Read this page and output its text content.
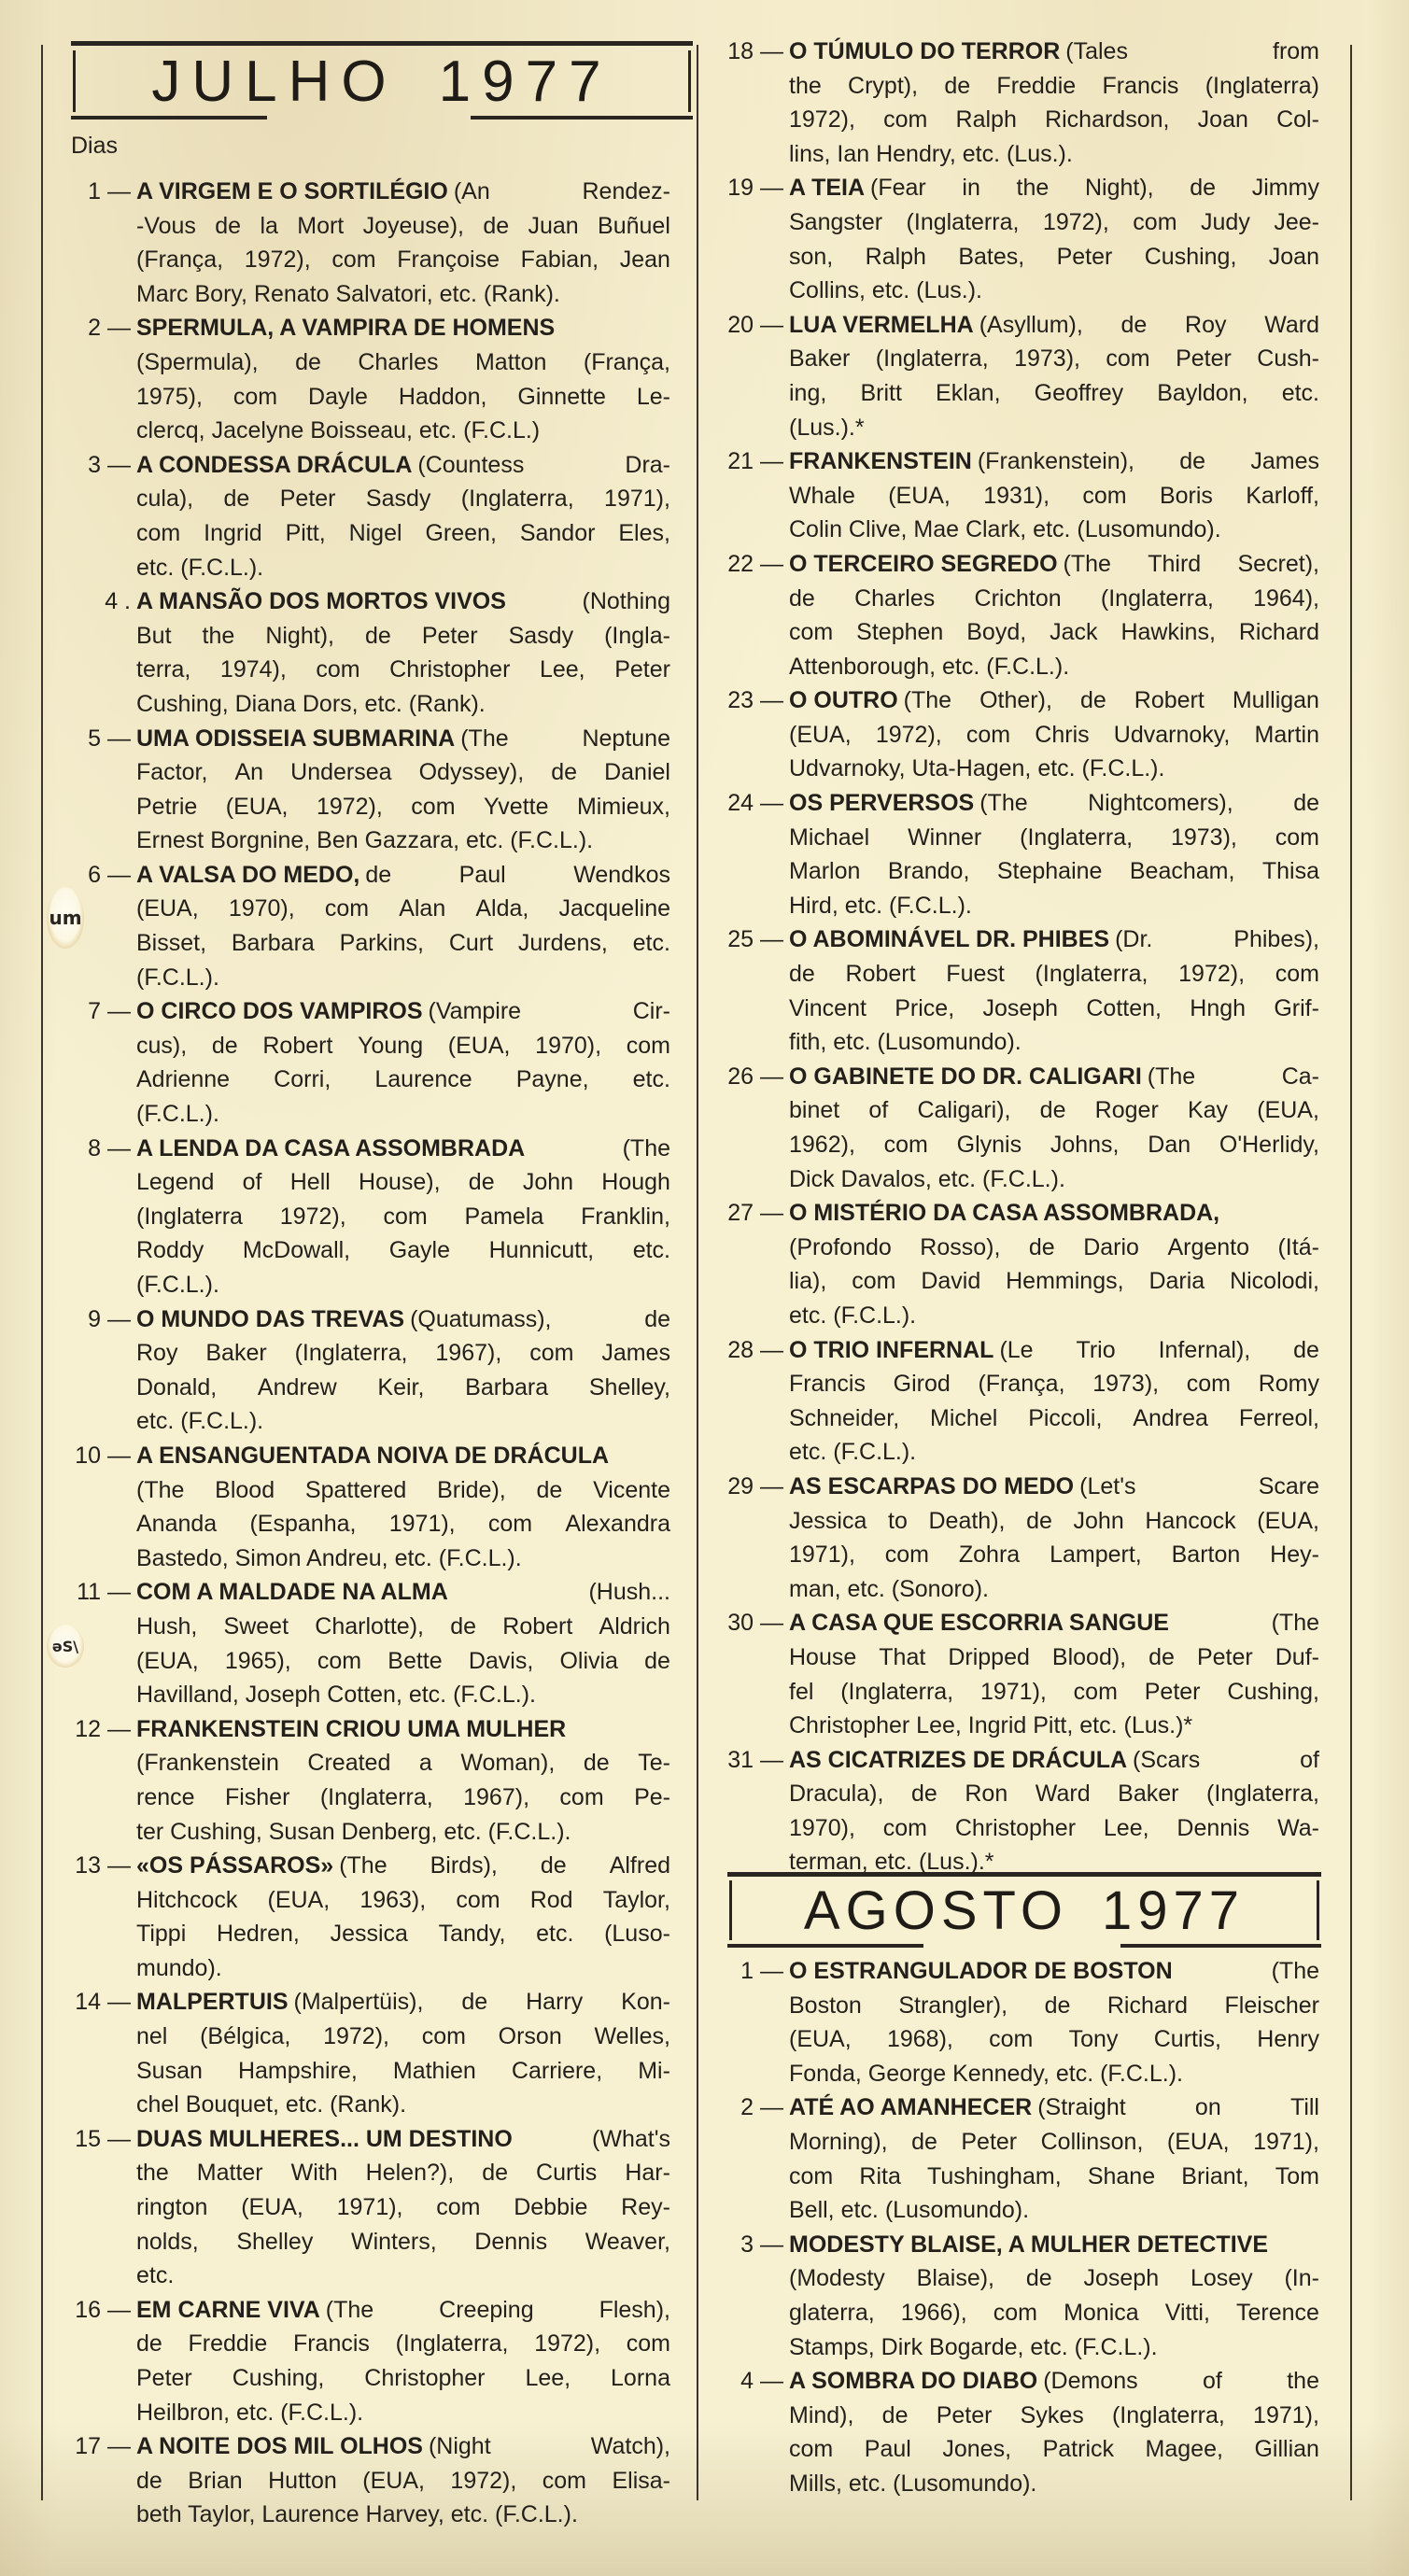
JULHO 1977
Dias
um
əS\
1 — A VIRGEM E O SORTILÉGIO (An	Rendez-
-Vous de la Mort Joyeuse), de Juan Buñuel
(França, 1972), com Françoise Fabian, Jean
Marc Bory, Renato Salvatori, etc. (Rank).
2 — SPERMULA, A VAMPIRA DE HOMENS
(Spermula), de Charles Matton (França,
1975), com Dayle Haddon, Ginnette Le-
clercq, Jacelyne Boisseau, etc. (F.C.L.)
3 — A CONDESSA DRÁCULA (Countess	Dra-
cula), de Peter Sasdy (Inglaterra, 1971),
com Ingrid Pitt, Nigel Green, Sandor Eles,
etc. (F.C.L.).
4 . A MANSÃO DOS MORTOS VIVOS	(Nothing
But the Night), de Peter Sasdy (Ingla-
terra, 1974), com Christopher Lee, Peter
Cushing, Diana Dors, etc. (Rank).
5 — UMA ODISSEIA SUBMARINA (The	Neptune
Factor, An Undersea Odyssey), de Daniel
Petrie (EUA, 1972), com Yvette Mimieux,
Ernest Borgnine, Ben Gazzara, etc. (F.C.L.).
6 — A VALSA DO MEDO, de	Paul	Wendkos
(EUA, 1970), com Alan Alda, Jacqueline
Bisset, Barbara Parkins, Curt Jurdens, etc.
(F.C.L.).
7 — O CIRCO DOS VAMPIROS (Vampire	Cir-
cus), de Robert Young (EUA, 1970), com
Adrienne Corri, Laurence Payne, etc.
(F.C.L.).
8 — A LENDA DA CASA ASSOMBRADA	(The
Legend of Hell House), de John Hough
(Inglaterra 1972), com Pamela Franklin,
Roddy McDowall, Gayle Hunnicutt, etc.
(F.C.L.).
9 — O MUNDO DAS TREVAS (Quatumass),	de
Roy Baker (Inglaterra, 1967), com James
Donald, Andrew Keir, Barbara Shelley,
etc. (F.C.L.).
10 — A ENSANGUENTADA NOIVA DE DRÁCULA
(The Blood Spattered Bride), de Vicente
Ananda (Espanha, 1971), com Alexandra
Bastedo, Simon Andreu, etc. (F.C.L.).
11 — COM A MALDADE NA ALMA	(Hush...
Hush, Sweet Charlotte), de Robert Aldrich
(EUA, 1965), com Bette Davis, Olivia de
Havilland, Joseph Cotten, etc. (F.C.L.).
12 — FRANKENSTEIN CRIOU UMA MULHER
(Frankenstein Created a Woman), de Te-
rence Fisher (Inglaterra, 1967), com Pe-
ter Cushing, Susan Denberg, etc. (F.C.L.).
13 — «OS PÁSSAROS» (The Birds), de Alfred
Hitchcock (EUA, 1963), com Rod Taylor,
Tippi Hedren, Jessica Tandy, etc. (Luso-
mundo).
14 — MALPERTUIS (Malpertüis), de Harry Kon-
nel (Bélgica, 1972), com Orson Welles,
Susan Hampshire, Mathien Carriere, Mi-
chel Bouquet, etc. (Rank).
15 — DUAS MULHERES... UM DESTINO	(What's
the Matter With Helen?), de Curtis Har-
rington (EUA, 1971), com Debbie Rey-
nolds, Shelley Winters, Dennis Weaver,
etc.
16 — EM CARNE VIVA (The	Creeping	Flesh),
de Freddie Francis (Inglaterra, 1972), com
Peter Cushing, Christopher Lee, Lorna
Heilbron, etc. (F.C.L.).
17 — A NOITE DOS MIL OLHOS (Night	Watch),
de Brian Hutton (EUA, 1972), com Elisa-
beth Taylor, Laurence Harvey, etc. (F.C.L.).
18 — O TÚMULO DO TERROR (Tales	from
the Crypt), de Freddie Francis (Inglaterra)
1972), com Ralph Richardson, Joan Col-
lins, Ian Hendry, etc. (Lus.).
19 — A TEIA (Fear in the Night), de Jimmy
Sangster (Inglaterra, 1972), com Judy Jee-
son, Ralph Bates, Peter Cushing, Joan
Collins, etc. (Lus.).
20 — LUA VERMELHA (Asyllum), de Roy Ward
Baker (Inglaterra, 1973), com Peter Cush-
ing, Britt Eklan, Geoffrey Bayldon, etc.
(Lus.).*
21 — FRANKENSTEIN (Frankenstein), de James
Whale (EUA, 1931), com Boris Karloff,
Colin Clive, Mae Clark, etc. (Lusomundo).
22 — O TERCEIRO SEGREDO (The Third Secret),
de Charles Crichton (Inglaterra, 1964),
com Stephen Boyd, Jack Hawkins, Richard
Attenborough, etc. (F.C.L.).
23 — O OUTRO (The Other), de Robert Mulligan
(EUA, 1972), com Chris Udvarnoky, Martin
Udvarnoky, Uta-Hagen, etc. (F.C.L.).
24 — OS PERVERSOS (The	Nightcomers),	de
Michael Winner (Inglaterra, 1973), com
Marlon Brando, Stephaine Beacham, Thisa
Hird, etc. (F.C.L.).
25 — O ABOMINÁVEL DR. PHIBES (Dr.	Phibes),
de Robert Fuest (Inglaterra, 1972), com
Vincent Price, Joseph Cotten, Hngh Grif-
fith, etc. (Lusomundo).
26 — O GABINETE DO DR. CALIGARI (The	Ca-
binet of Caligari), de Roger Kay (EUA,
1962), com Glynis Johns, Dan O'Herlidy,
Dick Davalos, etc. (F.C.L.).
27 — O MISTÉRIO DA CASA ASSOMBRADA,
(Profondo Rosso), de Dario Argento (Itá-
lia), com David Hemmings, Daria Nicolodi,
etc. (F.C.L.).
28 — O TRIO INFERNAL (Le Trio Infernal), de
Francis Girod (França, 1973), com Romy
Schneider, Michel Piccoli, Andrea Ferreol,
etc. (F.C.L.).
29 — AS ESCARPAS DO MEDO (Let's	Scare
Jessica to Death), de John Hancock (EUA,
1971), com Zohra Lampert, Barton Hey-
man, etc. (Sonoro).
30 — A CASA QUE ESCORRIA SANGUE	(The
House That Dripped Blood), de Peter Duf-
fel (Inglaterra, 1971), com Peter Cushing,
Christopher Lee, Ingrid Pitt, etc. (Lus.)*
31 — AS CICATRIZES DE DRÁCULA (Scars	of
Dracula), de Ron Ward Baker (Inglaterra,
1970), com Christopher Lee, Dennis Wa-
terman, etc. (Lus.).*
AGOSTO 1977
1 — O ESTRANGULADOR DE BOSTON	(The
Boston Strangler), de Richard Fleischer
(EUA, 1968), com Tony Curtis, Henry
Fonda, George Kennedy, etc. (F.C.L.).
2 — ATÉ AO AMANHECER (Straight	on	Till
Morning), de Peter Collinson, (EUA, 1971),
com Rita Tushingham, Shane Briant, Tom
Bell, etc. (Lusomundo).
3 — MODESTY BLAISE, A MULHER DETECTIVE
(Modesty Blaise), de Joseph Losey (In-
glaterra, 1966), com Monica Vitti, Terence
Stamps, Dirk Bogarde, etc. (F.C.L.).
4 — A SOMBRA DO DIABO (Demons	of	the
Mind), de Peter Sykes (Inglaterra, 1971),
com Paul Jones, Patrick Magee, Gillian
Mills, etc. (Lusomundo).
